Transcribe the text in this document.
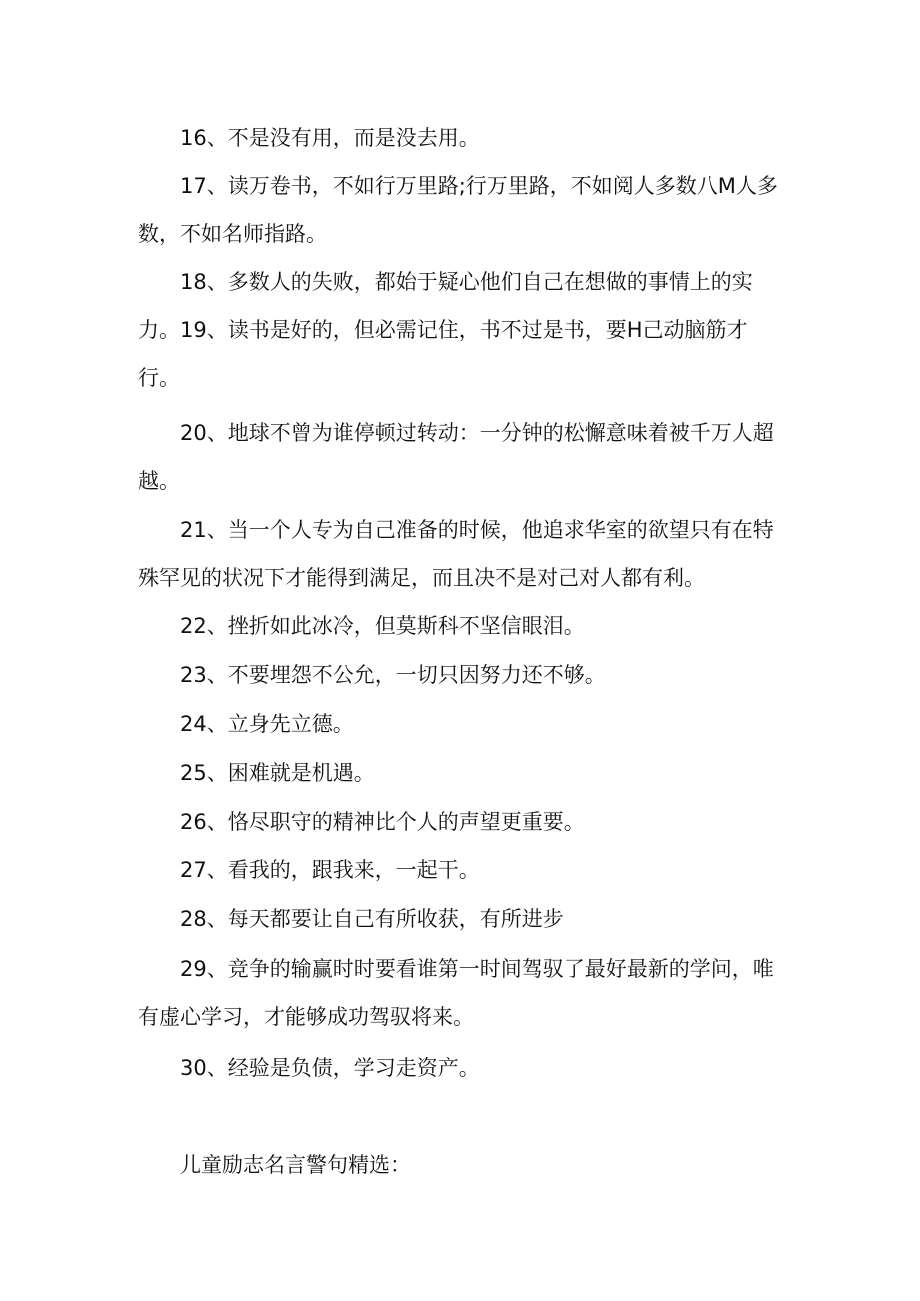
16、不是没有用，而是没去用。

17、读万卷书，不如行万里路;行万里路，不如阅人多数八M人多数，不如名师指路。

18、多数人的失败，都始于疑心他们自己在想做的事情上的实力。 19、读书是好的，但必需记住，书不过是书，要H己动脑筋才行。

20、地球不曾为谁停顿过转动：一分钟的松懈意味着被千万人超越。

21、当一个人专为自己准备的时候，他追求华室的欲望只有在特殊罕见的状况下才能得到满足，而且决不是对己对人都有利。

22、挫折如此冰冷，但莫斯科不坚信眼泪。

23、不要埋怨不公允，一切只因努力还不够。

24、立身先立德。

25、困难就是机遇。

26、恪尽职守的精神比个人的声望更重要。

27、看我的，跟我来，一起干。

28、每天都要让自己有所收获，有所进步

29、竞争的输赢时时要看谁第一时间驾驭了最好最新的学问，唯有虚心学习，才能够成功驾驭将来。

30、经验是负债，学习走资产。

儿童励志名言警句精选：
